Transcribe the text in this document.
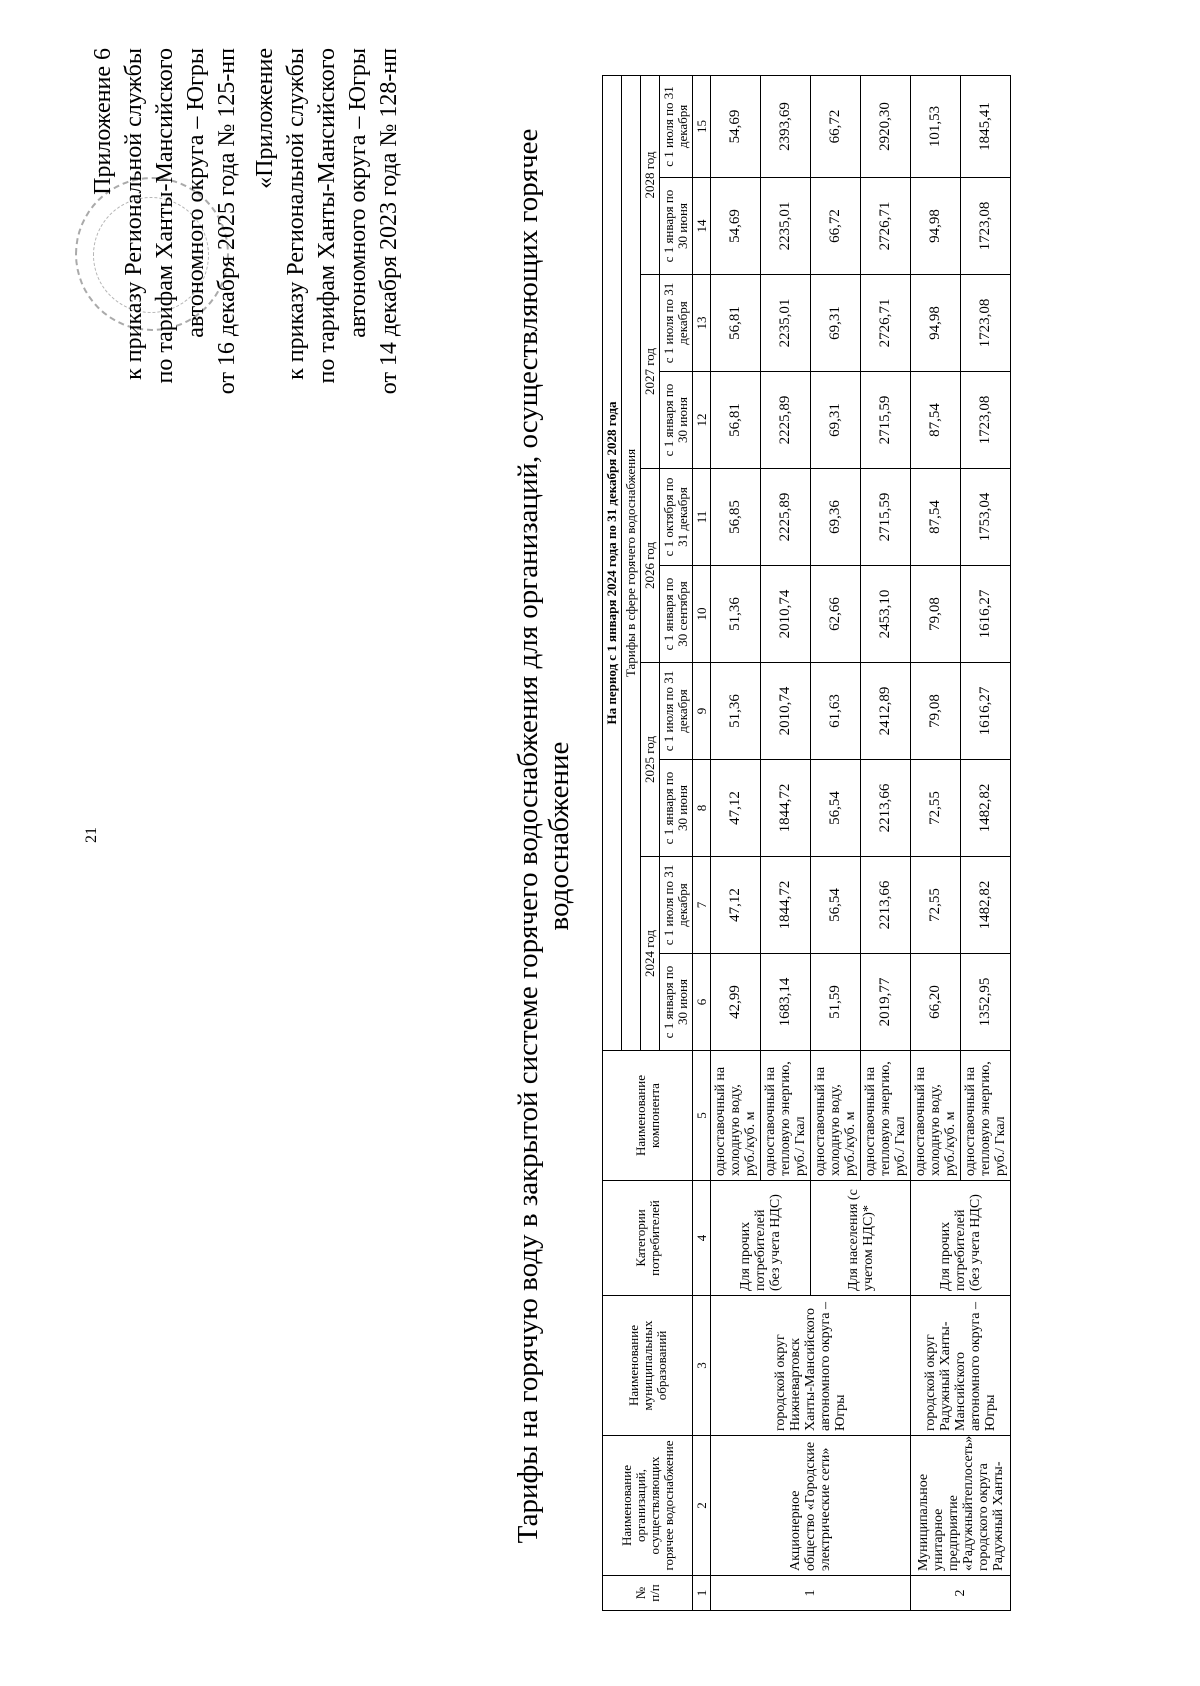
21
Приложение 6 к приказу Региональной службы по тарифам Ханты-Мансийского автономного округа – Югры от 16 декабря 2025 года № 125-нп «Приложение к приказу Региональной службы по тарифам Ханты-Мансийского автономного округа – Югры от 14 декабря 2023 года № 128-нп	Тарифы на горячую воду в закрытой системе горячего водоснабжения для организаций, осуществляющих горячее водоснабжение
№ п/п	Наименование организаций, осуществляющих горячее водоснабжение	Наименование муниципальных образований	Категории потребителей	Наименование компонента	На период с 1 января 2024 года по 31 декабря 2028 года									
					Тарифы в сфере горячего водоснабжения									
					2024 год		2025 год		2026 год		2027 год		2028 год	
					с 1 января по 30 июня	с 1 июля по 31 декабря	с 1 января по 30 июня	с 1 июля по 31 декабря	с 1 января по 30 сентября	с 1 октября по 31 декабря	с 1 января по 30 июня	с 1 июля по 31 декабря	с 1 января по 30 июня	с 1 июля по 31 декабря
1	2	3	4	5	6	7	8	9	10	11	12	13	14	15
1	Акционерное общество «Городские электрические сети»	городской округ Нижневартовск Ханты-Мансийского автономного округа – Югры	Для прочих потребителей (без учета НДС)	одноставочный на холодную воду, руб./куб. м	42,99	47,12	47,12	51,36	51,36	56,85	56,81	56,81	54,69	54,69
				одноставочный на тепловую энергию, руб./ Гкал	1683,14	1844,72	1844,72	2010,74	2010,74	2225,89	2225,89	2235,01	2235,01	2393,69
			Для населения (с учетом НДС)*	одноставочный на холодную воду, руб./куб. м	51,59	56,54	56,54	61,63	62,66	69,36	69,31	69,31	66,72	66,72
				одноставочный на тепловую энергию, руб./ Гкал	2019,77	2213,66	2213,66	2412,89	2453,10	2715,59	2715,59	2726,71	2726,71	2920,30
2	Муниципальное унитарное предприятие «Радужныйтеплосеть» городского округа Радужный Ханты-	городской округ Радужный Ханты-Мансийского автономного округа – Югры	Для прочих потребителей (без учета НДС)	одноставочный на холодную воду, руб./куб. м	66,20	72,55	72,55	79,08	79,08	87,54	87,54	94,98	94,98	101,53
				одноставочный на тепловую энергию, руб./ Гкал	1352,95	1482,82	1482,82	1616,27	1616,27	1753,04	1723,08	1723,08	1723,08	1845,41
